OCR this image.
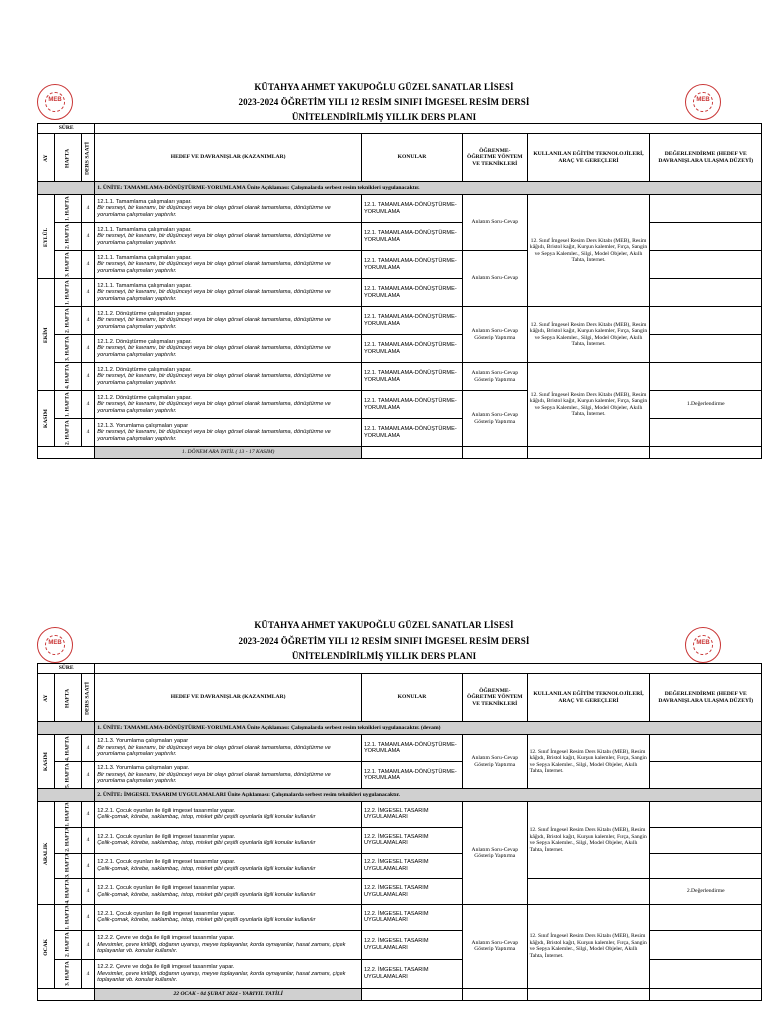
MEB
KÜTAHYA AHMET YAKUPOĞLU GÜZEL SANATLAR LİSESİ
2023-2024 ÖĞRETİM YILI 12 RESİM SINIFI İMGESEL RESİM DERSİ
ÜNİTELENDİRİLMİŞ YILLIK DERS PLANI
MEB
SÜRE							
AY	HAFTA	DERS SAATİ	HEDEF VE DAVRANIŞLAR (KAZANIMLAR)	KONULAR	ÖĞRENME-ÖĞRETME YÖNTEM VE TEKNİKLERİ	KULLANILAN EĞİTİM TEKNOLOJİLERİ, ARAÇ VE GEREÇLERİ	DEĞERLENDİRME (HEDEF VE DAVRANIŞLARA ULAŞMA DÜZEYİ)
			1. ÜNİTE: TAMAMLAMA-DÖNÜŞTÜRME-YORUMLAMA Ünite Açıklaması: Çalışmalarda serbest resim teknikleri uygulanacaktır.				
EYLÜL	1. HAFTA	4	12.1.1. Tamamlama çalışmaları yapar.
Bir nesneyi, bir kavramı, bir düşünceyi veya bir olayı görsel olarak tamamlama, dönüştürme ve yorumlama çalışmaları yaptırılır.	12.1. TAMAMLAMA-DÖNÜŞTÜRME-YORUMLAMA	Anlatım Soru-Cevap	12. Sınıf İmgesel Resim Ders Kitabı (MEB), Resim kâğıdı, Bristol kağıt, Kurşun kalemler, Fırça, Sangin ve Sepya Kalemler., Silgi, Model Objeler, Akıllı Tahta, İnternet.	
	2. HAFTA	4	12.1.1. Tamamlama çalışmaları yapar.
Bir nesneyi, bir kavramı, bir düşünceyi veya bir olayı görsel olarak tamamlama, dönüştürme ve yorumlama çalışmaları yaptırılır.	12.1. TAMAMLAMA-DÖNÜŞTÜRME-YORUMLAMA			
	3. HAFTA	4	12.1.1. Tamamlama çalışmaları yapar.
Bir nesneyi, bir kavramı, bir düşünceyi veya bir olayı görsel olarak tamamlama, dönüştürme ve yorumlama çalışmaları yaptırılır.	12.1. TAMAMLAMA-DÖNÜŞTÜRME-YORUMLAMA	Anlatım Soru-Cevap		
EKİM	1. HAFTA	4	12.1.1. Tamamlama çalışmaları yapar.
Bir nesneyi, bir kavramı, bir düşünceyi veya bir olayı görsel olarak tamamlama, dönüştürme ve yorumlama çalışmaları yaptırılır.	12.1. TAMAMLAMA-DÖNÜŞTÜRME-YORUMLAMA			
	2. HAFTA	4	12.1.2. Dönüştürme çalışmaları yapar.
Bir nesneyi, bir kavramı, bir düşünceyi veya bir olayı görsel olarak tamamlama, dönüştürme ve yorumlama çalışmaları yaptırılır.	12.1. TAMAMLAMA-DÖNÜŞTÜRME-YORUMLAMA	Anlatım Soru-Cevap Gösterip Yaptırma	12. Sınıf İmgesel Resim Ders Kitabı (MEB), Resim kâğıdı, Bristol kağıt, Kurşun kalemler, Fırça, Sangin ve Sepya Kalemler., Silgi, Model Objeler, Akıllı Tahta, İnternet.	
	3. HAFTA	4	12.1.2. Dönüştürme çalışmaları yapar.
Bir nesneyi, bir kavramı, bir düşünceyi veya bir olayı görsel olarak tamamlama, dönüştürme ve yorumlama çalışmaları yaptırılır.	12.1. TAMAMLAMA-DÖNÜŞTÜRME-YORUMLAMA			
	4. HAFTA	4	12.1.2. Dönüştürme çalışmaları yapar.
Bir nesneyi, bir kavramı, bir düşünceyi veya bir olayı görsel olarak tamamlama, dönüştürme ve yorumlama çalışmaları yaptırılır.	12.1. TAMAMLAMA-DÖNÜŞTÜRME-YORUMLAMA	Anlatım Soru-Cevap Gösterip Yaptırma	12. Sınıf İmgesel Resim Ders Kitabı (MEB), Resim kâğıdı, Bristol kağıt, Kurşun kalemler, Fırça, Sangin ve Sepya Kalemler., Silgi, Model Objeler, Akıllı Tahta, İnternet.	
KASIM	1. HAFTA	4	12.1.2. Dönüştürme çalışmaları yapar.
Bir nesneyi, bir kavramı, bir düşünceyi veya bir olayı görsel olarak tamamlama, dönüştürme ve yorumlama çalışmaları yaptırılır.	12.1. TAMAMLAMA-DÖNÜŞTÜRME-YORUMLAMA	Anlatım Soru-Cevap Gösterip Yaptırma		1.Değerlendirme
	2. HAFTA	4	12.1.3. Yorumlama çalışmaları yapar
Bir nesneyi, bir kavramı, bir düşünceyi veya bir olayı görsel olarak tamamlama, dönüştürme ve yorumlama çalışmaları yaptırılır.	12.1. TAMAMLAMA-DÖNÜŞTÜRME-YORUMLAMA			
			1. DÖNEM ARA TATİL ( 13 - 17 KASIM)				
MEB
KÜTAHYA AHMET YAKUPOĞLU GÜZEL SANATLAR LİSESİ
2023-2024 ÖĞRETİM YILI 12 RESİM SINIFI İMGESEL RESİM DERSİ
ÜNİTELENDİRİLMİŞ YILLIK DERS PLANI
MEB
SÜRE							
AY	HAFTA	DERS SAATİ	HEDEF VE DAVRANIŞLAR (KAZANIMLAR)	KONULAR	ÖĞRENME-ÖĞRETME YÖNTEM VE TEKNİKLERİ	KULLANILAN EĞİTİM TEKNOLOJİLERİ, ARAÇ VE GEREÇLERİ	DEĞERLENDİRME (HEDEF VE DAVRANIŞLARA ULAŞMA DÜZEYİ)
			1. ÜNİTE: TAMAMLAMA-DÖNÜŞTÜRME-YORUMLAMA Ünite Açıklaması: Çalışmalarda serbest resim teknikleri uygulanacaktır. (devam)				
KASIM	4. HAFTA	4	12.1.3. Yorumlama çalışmaları yapar
Bir nesneyi, bir kavramı, bir düşünceyi veya bir olayı görsel olarak tamamlama, dönüştürme ve yorumlama çalışmaları yaptırılır.	12.1. TAMAMLAMA-DÖNÜŞTÜRME-YORUMLAMA	Anlatım Soru-Cevap Gösterip Yaptırma	12. Sınıf İmgesel Resim Ders Kitabı (MEB), Resim kâğıdı, Bristol kağıt, Kurşun kalemler, Fırça, Sangin ve Sepya Kalemler., Silgi, Model Objeler, Akıllı Tahta, İnternet.	
	5. HAFTA	4	12.1.3. Yorumlama çalışmaları yapar.
Bir nesneyi, bir kavramı, bir düşünceyi veya bir olayı görsel olarak tamamlama, dönüştürme ve yorumlama çalışmaları yaptırılır.	12.1. TAMAMLAMA-DÖNÜŞTÜRME-YORUMLAMA			
			2. ÜNİTE: İMGESEL TASARIM UYGULAMALARI Ünite Açıklaması: Çalışmalarda serbest resim teknikleri uygulanacaktır.				
ARALIK	1. HAFTA	4	12.2.1. Çocuk oyunları ile ilgili imgesel tasarımlar yapar.
Çelik-çomak, körebe, saklambaç, istop, misket gibi çeşitli oyunlarla ilgili konular kullanılır	12.2. İMGESEL TASARIM UYGULAMALARI	Anlatım Soru-Cevap Gösterip Yaptırma	12. Sınıf İmgesel Resim Ders Kitabı (MEB), Resim kâğıdı, Bristol kağıt, Kurşun kalemler, Fırça, Sangin ve Sepya Kalemler., Silgi, Model Objeler, Akıllı Tahta, İnternet.	
	2. HAFTA	4	12.2.1. Çocuk oyunları ile ilgili imgesel tasarımlar yapar.
Çelik-çomak, körebe, saklambaç, istop, misket gibi çeşitli oyunlarla ilgili konular kullanılır	12.2. İMGESEL TASARIM UYGULAMALARI			
	3. HAFTA	4	12.2.1. Çocuk oyunları ile ilgili imgesel tasarımlar yapar.
Çelik-çomak, körebe, saklambaç, istop, misket gibi çeşitli oyunlarla ilgili konular kullanılır	12.2. İMGESEL TASARIM UYGULAMALARI			
	4. HAFTA	4	12.2.1. Çocuk oyunları ile ilgili imgesel tasarımlar yapar.
Çelik-çomak, körebe, saklambaç, istop, misket gibi çeşitli oyunlarla ilgili konular kullanılır	12.2. İMGESEL TASARIM UYGULAMALARI			2.Değerlendirme
OCAK	1. HAFTA	4	12.2.1. Çocuk oyunları ile ilgili imgesel tasarımlar yapar.
Çelik-çomak, körebe, saklambaç, istop, misket gibi çeşitli oyunlarla ilgili konular kullanılır	12.2. İMGESEL TASARIM UYGULAMALARI	Anlatım Soru-Cevap Gösterip Yaptırma	12. Sınıf İmgesel Resim Ders Kitabı (MEB), Resim kâğıdı, Bristol kağıt, Kurşun kalemler, Fırça, Sangin ve Sepya Kalemler., Silgi, Model Objeler, Akıllı Tahta, İnternet.	
	2. HAFTA	4	12.2.2. Çevre ve doğa ile ilgili imgesel tasarımlar yapar.
Mevsimler, çevre kirliliği, doğanın uyanışı, meyve toplayanlar, korda oynayanlar, hasat zamanı, çiçek toplayanlar vb. konular kullanılır.	12.2. İMGESEL TASARIM UYGULAMALARI			
	3. HAFTA	4	12.2.2. Çevre ve doğa ile ilgili imgesel tasarımlar yapar.
Mevsimler, çevre kirliliği, doğanın uyanışı, meyve toplayanlar, korda oynayanlar, hasat zamanı, çiçek toplayanlar vb. konular kullanılır.	12.2. İMGESEL TASARIM UYGULAMALARI			
			22 OCAK - 04 ŞUBAT 2024 - YARIYIL TATİLİ				
